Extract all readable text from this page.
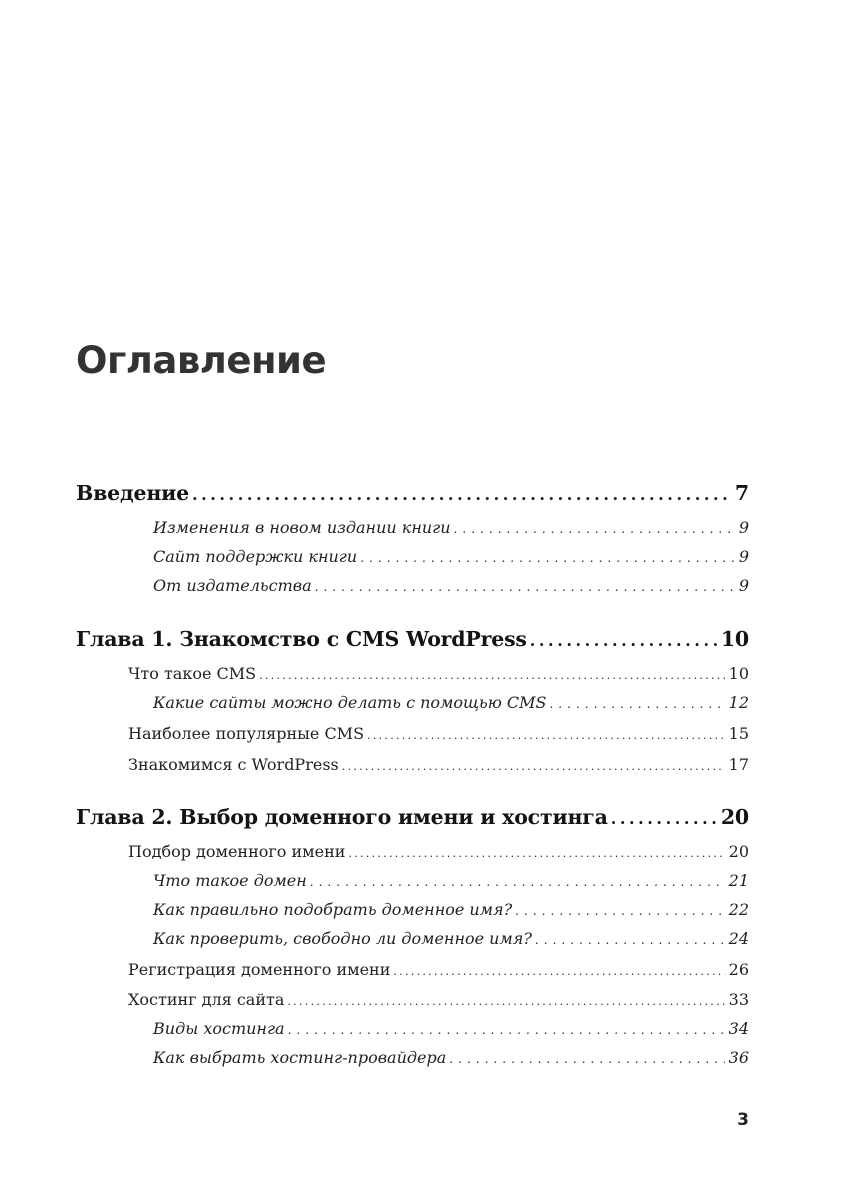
Оглавление
Введение . . .	7
Изменения в новом издании книги . . .	9
Сайт поддержки книги . . .	9
От издательства . . .	9
Глава 1. Знакомство с CMS WordPress . . .	10
Что такое CMS . . .	10
Какие сайты можно делать с помощью CMS . . .	12
Наиболее популярные CMS . . .	15
Знакомимся с WordPress . . .	17
Глава 2. Выбор доменного имени и хостинга . . .	20
Подбор доменного имени . . .	20
Что такое домен . . .	21
Как правильно подобрать доменное имя? . . .	22
Как проверить, свободно ли доменное имя? . . .	24
Регистрация доменного имени . . .	26
Хостинг для сайта . . .	33
Виды хостинга . . .	34
Как выбрать хостинг-провайдера . . .	36
3
